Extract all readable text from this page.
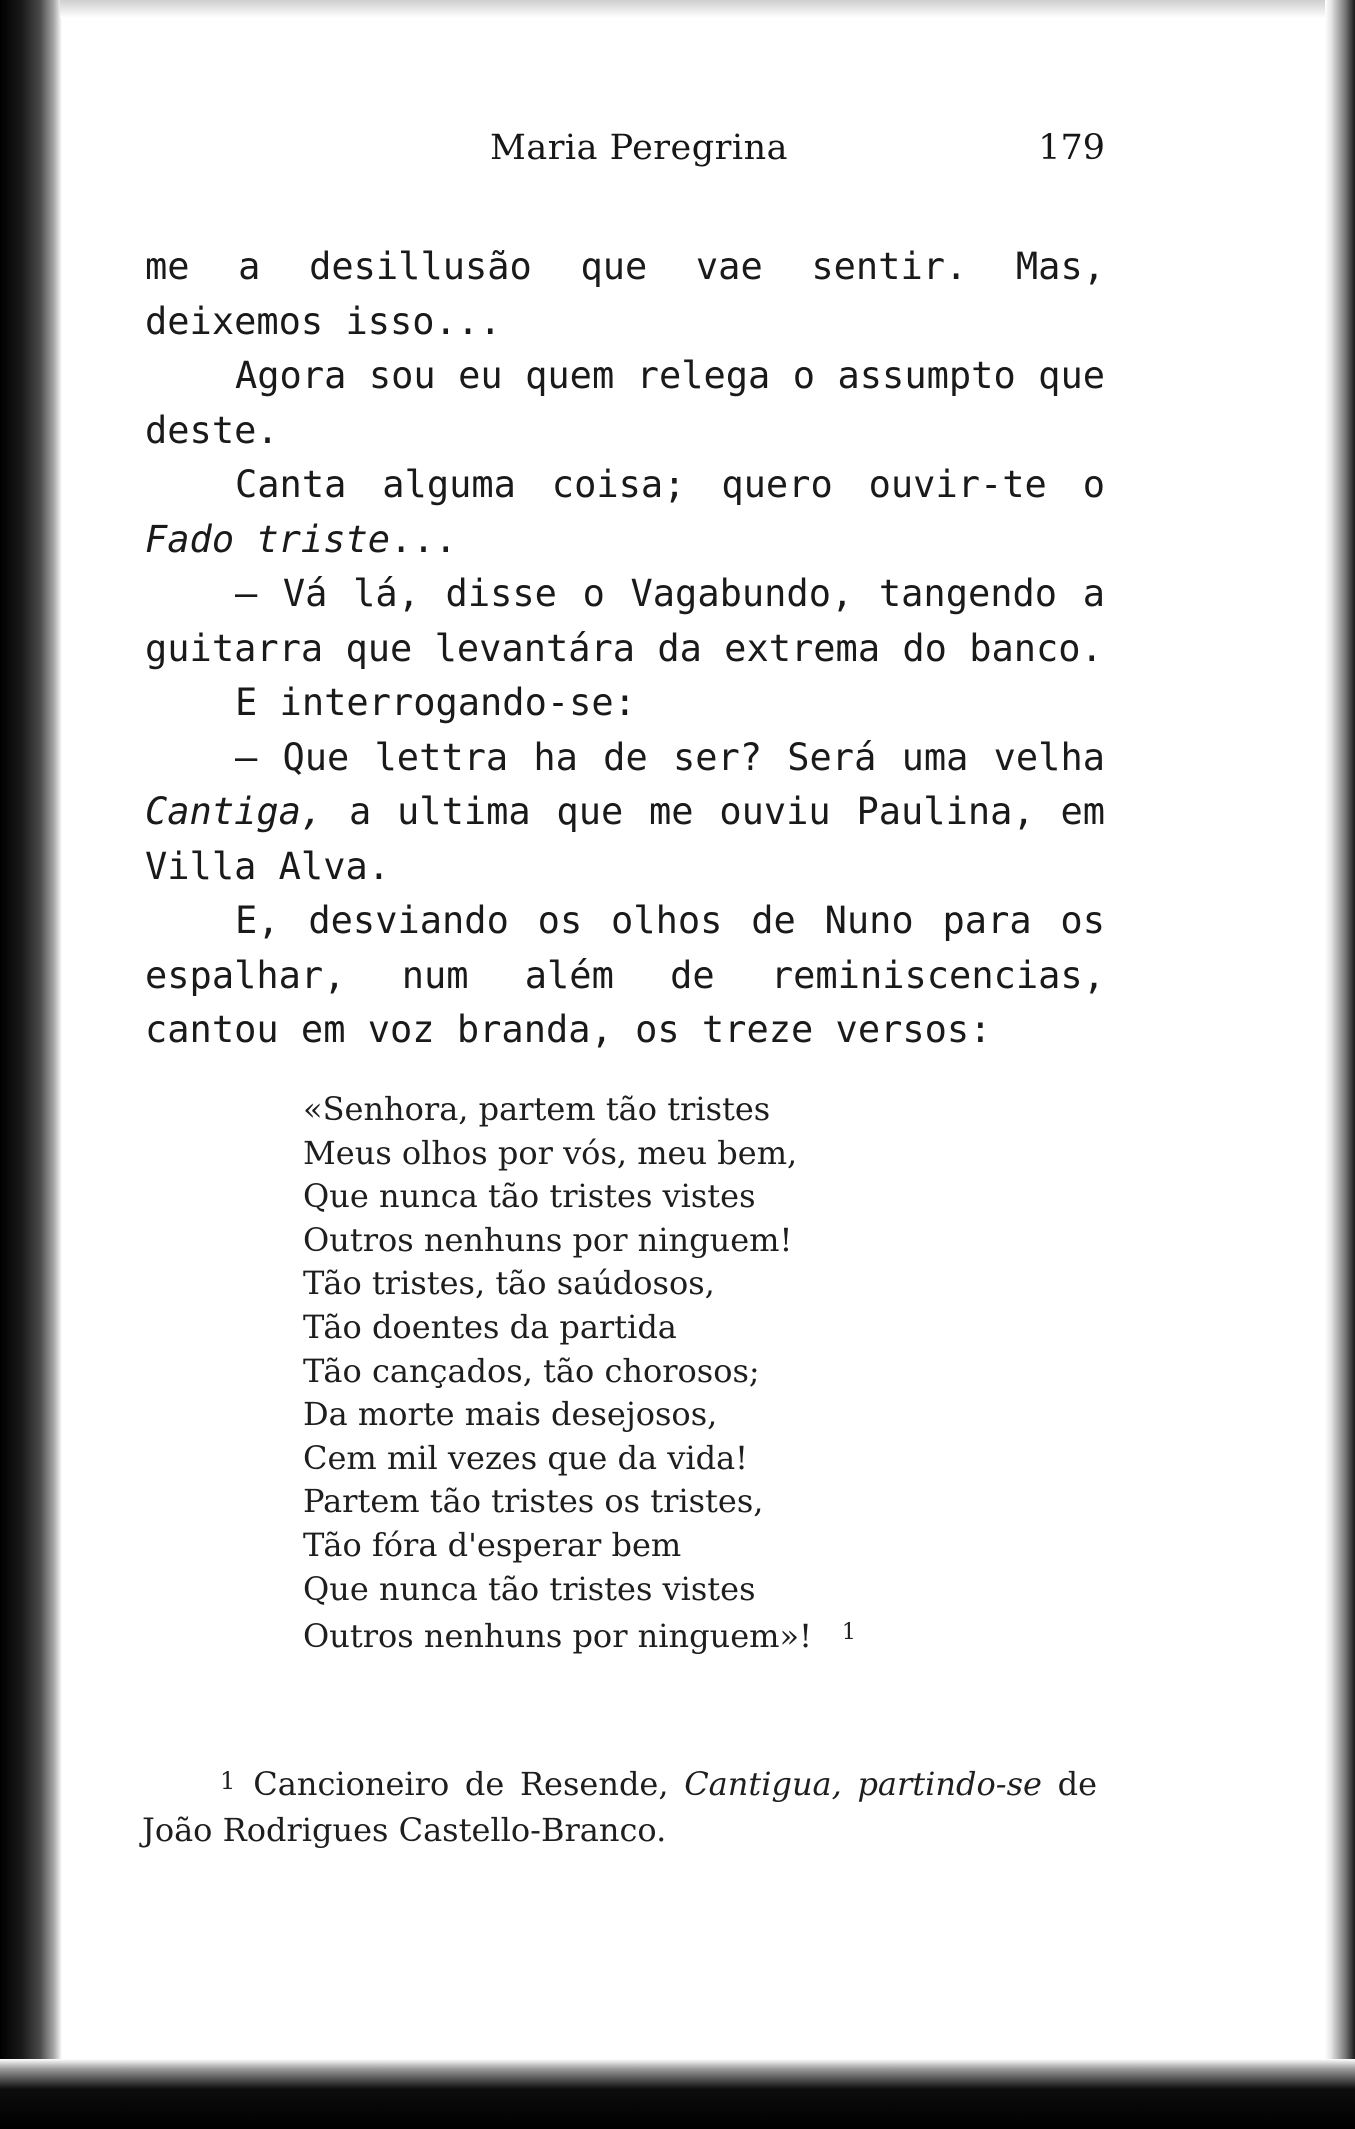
Maria Peregrina	179

me a desillusão que vae sentir. Mas, deixemos isso...

Agora sou eu quem relega o assumpto que deste.

Canta alguma coisa; quero ouvir-te o Fado triste...

— Vá lá, disse o Vagabundo, tangendo a guitarra que levantára da extrema do banco.

E interrogando-se:

— Que lettra ha de ser? Será uma velha Cantiga, a ultima que me ouviu Paulina, em Villa Alva.

E, desviando os olhos de Nuno para os espalhar, num além de reminiscencias, cantou em voz branda, os treze versos:

«Senhora, partem tão tristes
Meus olhos por vós, meu bem,
Que nunca tão tristes vistes
Outros nenhuns por ninguem!
Tão tristes, tão saúdosos,
Tão doentes da partida
Tão cançados, tão chorosos;
Da morte mais desejosos,
Cem mil vezes que da vida!
Partem tão tristes os tristes,
Tão fóra d'esperar bem
Que nunca tão tristes vistes
Outros nenhuns por ninguem»! $^1$
1 Cancioneiro de Resende, Cantigua, partindo-se de João Rodrigues Castello-Branco.
